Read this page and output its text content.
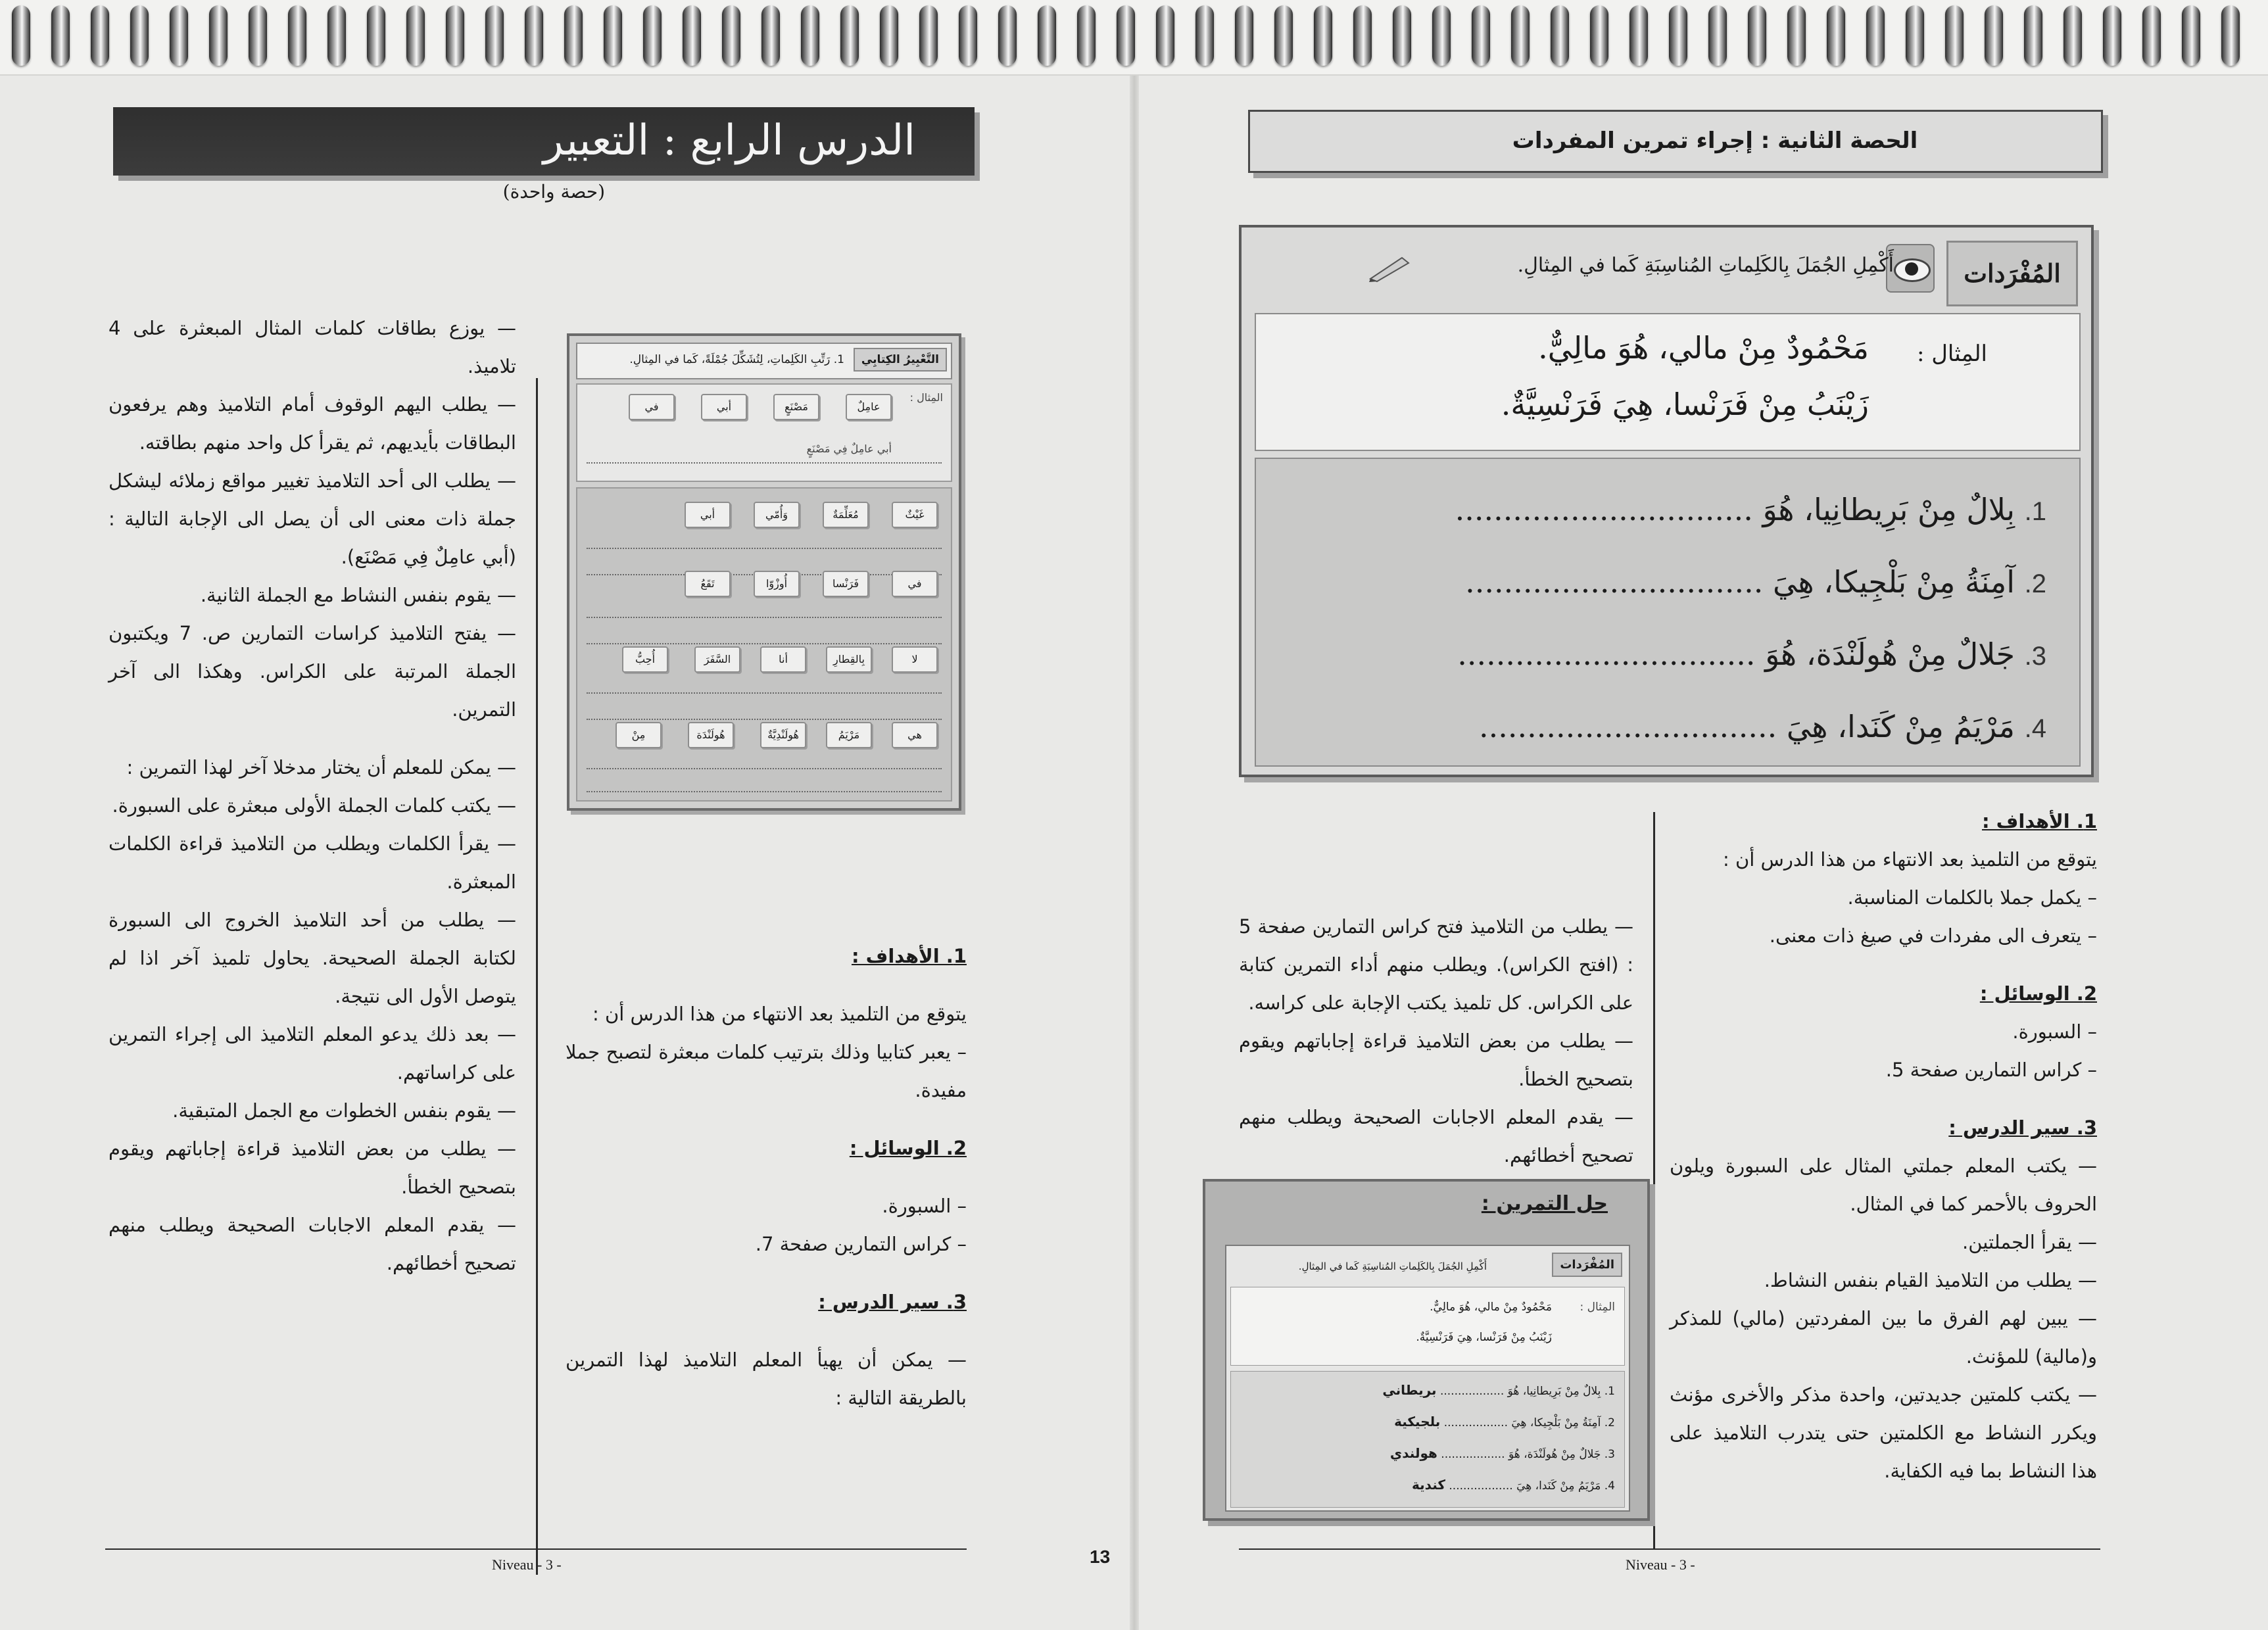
الدرس الرابع : التعبير
(حصة واحدة)

— يوزع بطاقات كلمات المثال المبعثرة على 4 تلاميذ.

— يطلب اليهم الوقوف أمام التلاميذ وهم يرفعون البطاقات بأيديهم، ثم يقرأ كل واحد منهم بطاقته.

— يطلب الى أحد التلاميذ تغيير مواقع زملائه ليشكل جملة ذات معنى الى أن يصل الى الإجابة التالية : (أبي عامِلٌ فِي مَصْنَع).

— يقوم بنفس النشاط مع الجملة الثانية.

— يفتح التلاميذ كراسات التمارين ص. 7 ويكتبون الجملة المرتبة على الكراس. وهكذا الى آخر التمرين.

— يمكن للمعلم أن يختار مدخلا آخر لهذا التمرين :

— يكتب كلمات الجملة الأولى مبعثرة على السبورة.

— يقرأ الكلمات ويطلب من التلاميذ قراءة الكلمات المبعثرة.

— يطلب من أحد التلاميذ الخروج الى السبورة لكتابة الجملة الصحيحة. يحاول تلميذ آخر اذا لم يتوصل الأول الى نتيجة.

— بعد ذلك يدعو المعلم التلاميذ الى إجراء التمرين على كراساتهم.

— يقوم بنفس الخطوات مع الجمل المتبقية.

— يطلب من بعض التلاميذ قراءة إجاباتهم ويقوم بتصحيح الخطأ.

— يقدم المعلم الاجابات الصحيحة ويطلب منهم تصحيح أخطائهم.

التَّعْبِيرُ الكِتابِي
1. رَتِّبِ الكَلِماتِ، لِتُشَكِّلَ جُمْلَةً، كَما في المِثالِ.
المِثال :
عامِلٌ
مَصْنَعٍ
أبي
في
أبي عامِلٌ فِي مَصْنَعٍ
غَيْثٌ
مُعَلِّمَةٌ
وَأُمّي
أبي
في
فَرَنْسا
أُوزْوّا
تَقَعُ
لا
بِالقِطارِ
أنا
السَّفَرَ
أُحِبُّ
هي
مَرْيَمُ
هُولَنْدِيَّةٌ
هُولَنْدَة
مِنْ

1. الأهداف :

يتوقع من التلميذ بعد الانتهاء من هذا الدرس أن :

– يعبر كتابيا وذلك بترتيب كلمات مبعثرة لتصبح جملا مفيدة.

2. الوسائل :

– السبورة.

– كراس التمارين صفحة 7.

3. سير الدرس :

— يمكن أن يهيأ المعلم التلاميذ لهذا التمرين بالطريقة التالية :

Niveau - 3 -	13
الحصة الثانية : إجراء تمرين المفردات
المُفْرَدات
أَكْمِلِ الجُمَلَ بِالكَلِماتِ المُناسِبَةِ كَما في المِثالِ.
المِثال :
مَحْمُودٌ مِنْ مالي، هُوَ مالِيٌّ.
زَيْنَبُ مِنْ فَرَنْسا، هِيَ فَرَنْسِيَّةٌ.
1. بِلالٌ مِنْ بَرِيطانِيا، هُوَ ...............................
2. آمِنَةُ مِنْ بَلْجِيكا، هِيَ ...............................
3. جَلالٌ مِنْ هُولَنْدَة، هُوَ ...............................
4. مَرْيَمُ مِنْ كَنَدا، هِيَ ...............................

1. الأهداف :

يتوقع من التلميذ بعد الانتهاء من هذا الدرس أن :

– يكمل جملا بالكلمات المناسبة.

– يتعرف الى مفردات في صيغ ذات معنى.

2. الوسائل :

– السبورة.

– كراس التمارين صفحة 5.

3. سير الدرس :

— يكتب المعلم جملتي المثال على السبورة ويلون الحروف بالأحمر كما في المثال.

— يقرأ الجملتين.

— يطلب من التلاميذ القيام بنفس النشاط.

— يبين لهم الفرق ما بين المفردتين (مالي) للمذكر و(مالية) للمؤنث.

— يكتب كلمتين جديدتين، واحدة مذكر والأخرى مؤنث ويكرر النشاط مع الكلمتين حتى يتدرب التلاميذ على هذا النشاط بما فيه الكفاية.

— يطلب من التلاميذ فتح كراس التمارين صفحة 5 : (افتح الكراس). ويطلب منهم أداء التمرين كتابة على الكراس. كل تلميذ يكتب الإجابة على كراسه.

— يطلب من بعض التلاميذ قراءة إجاباتهم ويقوم بتصحيح الخطأ.

— يقدم المعلم الاجابات الصحيحة ويطلب منهم تصحيح أخطائهم.

حل التمرين :
المُفْرَدات
أَكْمِلِ الجُمَلَ بِالكَلِماتِ المُناسِبَةِ كَما في المِثالِ.
المِثال :
مَحْمُودٌ مِنْ مالي، هُوَ مالِيٌّ.
زَيْنَبُ مِنْ فَرَنْسا، هِيَ فَرَنْسِيَّةٌ.
1. بِلالٌ مِنْ بَرِيطانِيا، هُوَ .................. بريطاني
2. آمِنَةُ مِنْ بَلْجِيكا، هِيَ .................. بلجيكية
3. جَلالٌ مِنْ هُولَنْدَة، هُوَ .................. هولندي
4. مَرْيَمُ مِنْ كَنَدا، هِيَ .................. كندية
Niveau - 3 -
